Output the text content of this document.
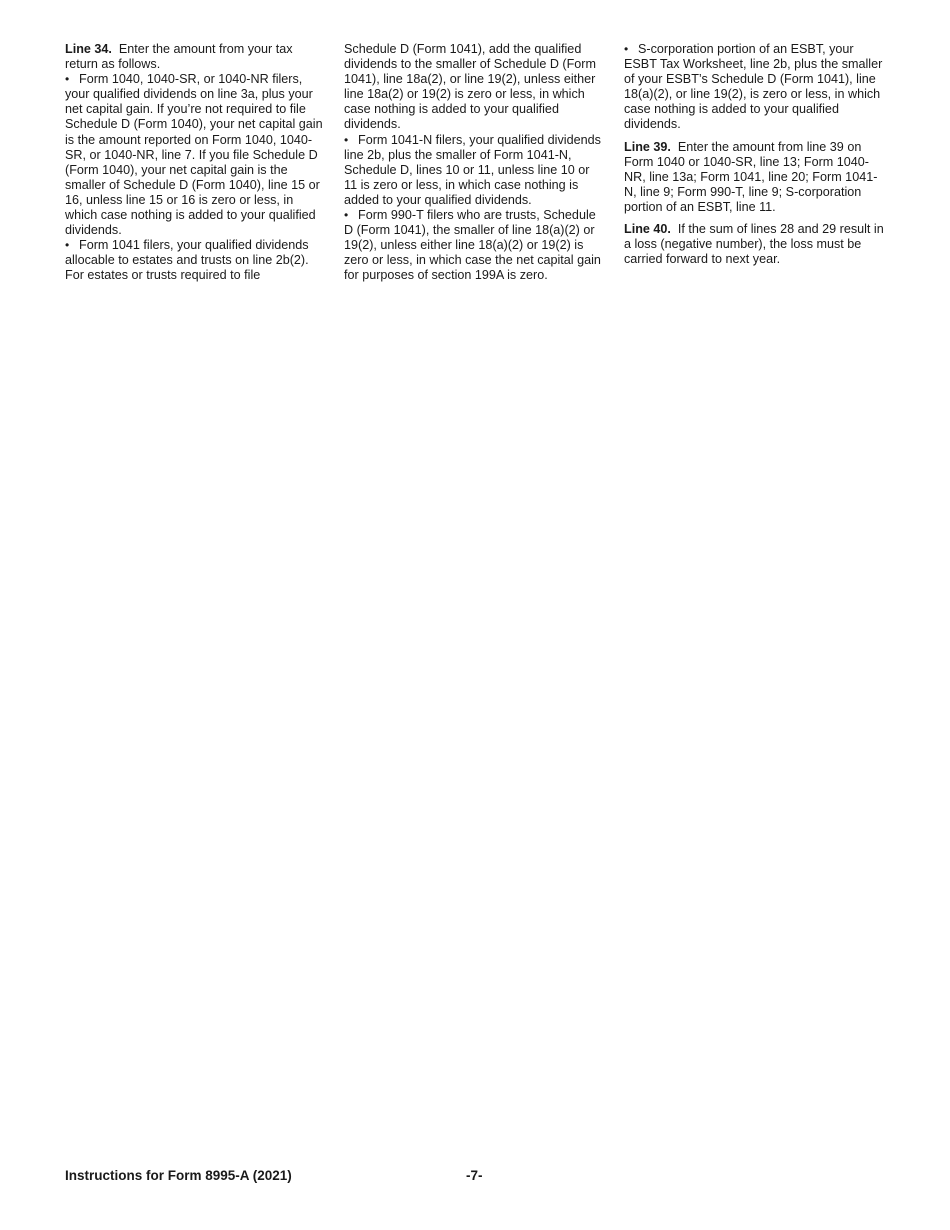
Line 34. Enter the amount from your tax return as follows.

•Form 1040, 1040-SR, or 1040-NR filers, your qualified dividends on line 3a, plus your net capital gain. If you’re not required to file Schedule D (Form 1040), your net capital gain is the amount reported on Form 1040, 1040-SR, or 1040-NR, line 7. If you file Schedule D (Form 1040), your net capital gain is the smaller of Schedule D (Form 1040), line 15 or 16, unless line 15 or 16 is zero or less, in which case nothing is added to your qualified dividends.

•Form 1041 filers, your qualified dividends allocable to estates and trusts on line 2b(2). For estates or trusts required to file

Schedule D (Form 1041), add the qualified dividends to the smaller of Schedule D (Form 1041), line 18a(2), or line 19(2), unless either line 18a(2) or 19(2) is zero or less, in which case nothing is added to your qualified dividends.

•Form 1041-N filers, your qualified dividends line 2b, plus the smaller of Form 1041-N, Schedule D, lines 10 or 11, unless line 10 or 11 is zero or less, in which case nothing is added to your qualified dividends.

•Form 990-T filers who are trusts, Schedule D (Form 1041), the smaller of line 18(a)(2) or 19(2), unless either line 18(a)(2) or 19(2) is zero or less, in which case the net capital gain for purposes of section 199A is zero.

•S-corporation portion of an ESBT, your ESBT Tax Worksheet, line 2b, plus the smaller of your ESBT’s Schedule D (Form 1041), line 18(a)(2), or line 19(2), is zero or less, in which case nothing is added to your qualified dividends.

Line 39. Enter the amount from line 39 on Form 1040 or 1040-SR, line 13; Form 1040-NR, line 13a; Form 1041, line 20; Form 1041-N, line 9; Form 990-T, line 9; S-corporation portion of an ESBT, line 11.

Line 40. If the sum of lines 28 and 29 result in a loss (negative number), the loss must be carried forward to next year.

Instructions for Form 8995-A (2021)	-7-
